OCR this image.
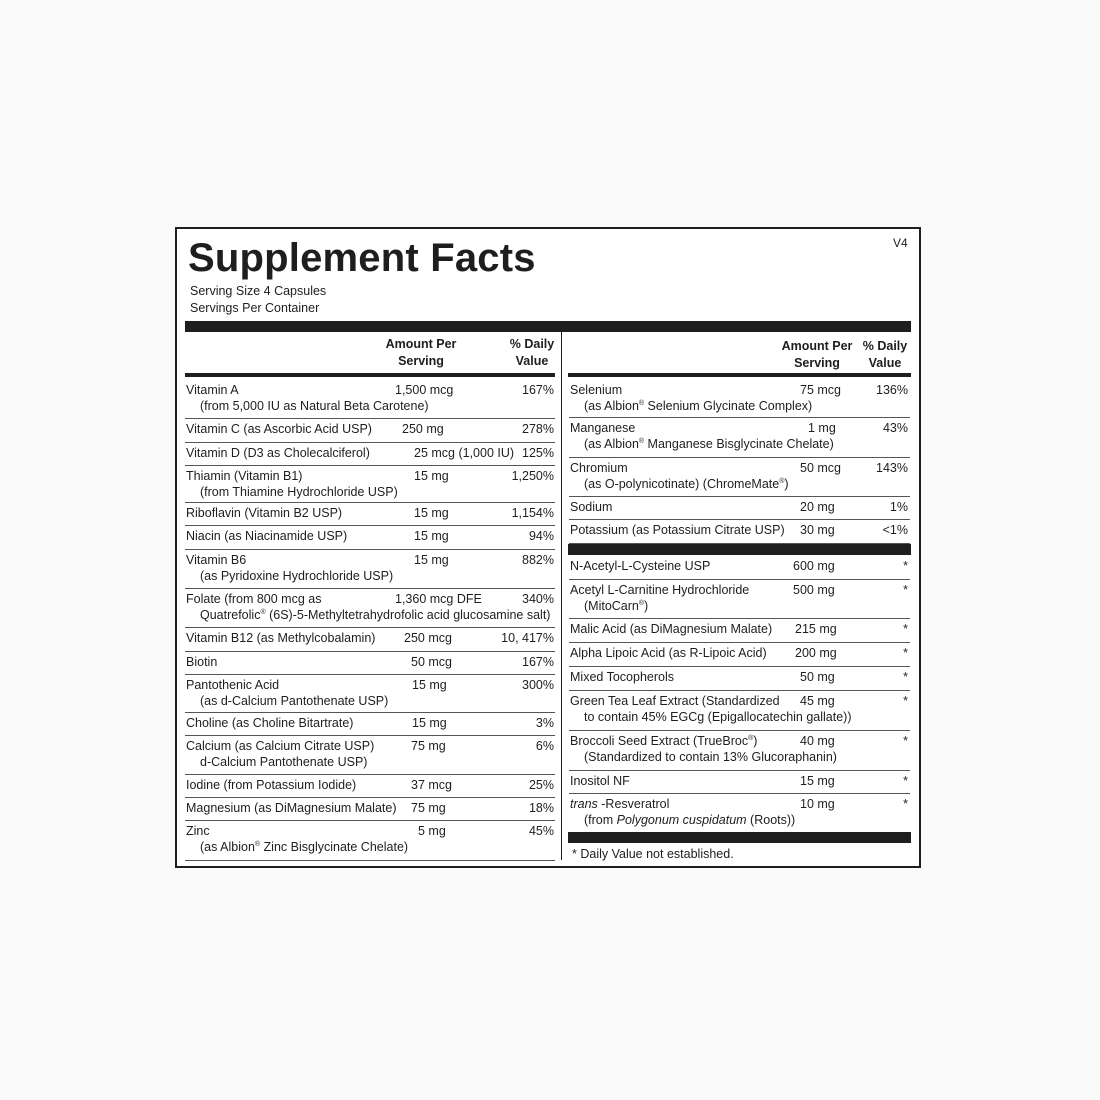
Supplement Facts	V4
Serving Size 4 Capsules
Servings Per Container
Amount Per
Serving
% Daily
Value
Amount Per
Serving
% Daily
Value
Vitamin A
(from 5,000 IU as Natural Beta Carotene)
1,500 mcg	167%
Vitamin C (as Ascorbic Acid USP) 250 mg	278%
Vitamin D (D3 as Cholecalciferol)	25 mcg (1,000 IU) 125%
Thiamin (Vitamin B1)
(from Thiamine Hydrochloride USP)
15 mg	1,250%
Riboflavin (Vitamin B2 USP)	15 mg	1,154%
Niacin (as Niacinamide USP)	15 mg	94%
Vitamin B6
(as Pyridoxine Hydrochloride USP)
15 mg	882%
Folate (from 800 mcg as
Quatrefolic® (6S)-5-Methyltetrahydrofolic acid glucosamine salt)
1,360 mcg DFE	340%
Vitamin B12 (as Methylcobalamin) 250 mcg	10, 417%
Biotin	50 mcg	167%
Pantothenic Acid
(as d-Calcium Pantothenate USP)
15 mg	300%
Choline (as Choline Bitartrate)	15 mg	3%
Calcium (as Calcium Citrate USP)
d-Calcium Pantothenate USP)
75 mg	6%
Iodine (from Potassium Iodide)	37 mcg	25%
Magnesium (as DiMagnesium Malate) 75 mg	18%
Zinc
(as Albion® Zinc Bisglycinate Chelate)
5 mg	45%
Selenium
(as Albion® Selenium Glycinate Complex)
75 mcg	136%
Manganese
(as Albion® Manganese Bisglycinate Chelate)
1 mg	43%
Chromium
(as O-polynicotinate) (ChromeMate®)
50 mcg	143%
Sodium	20 mg	1%
Potassium (as Potassium Citrate USP) 30 mg	<1%
N-Acetyl-L-Cysteine USP	600 mg	*
Acetyl L-Carnitine Hydrochloride
(MitoCarn®)
500 mg	*
Malic Acid (as DiMagnesium Malate) 215 mg	*
Alpha Lipoic Acid (as R-Lipoic Acid) 200 mg	*
Mixed Tocopherols	50 mg	*
Green Tea Leaf Extract (Standardized
to contain 45% EGCg (Epigallocatechin gallate))
45 mg	*
Broccoli Seed Extract (TrueBroc®)
(Standardized to contain 13% Glucoraphanin)
40 mg	*
Inositol NF	15 mg	*
trans -Resveratrol
(from Polygonum cuspidatum (Roots))
10 mg	*
* Daily Value not established.
